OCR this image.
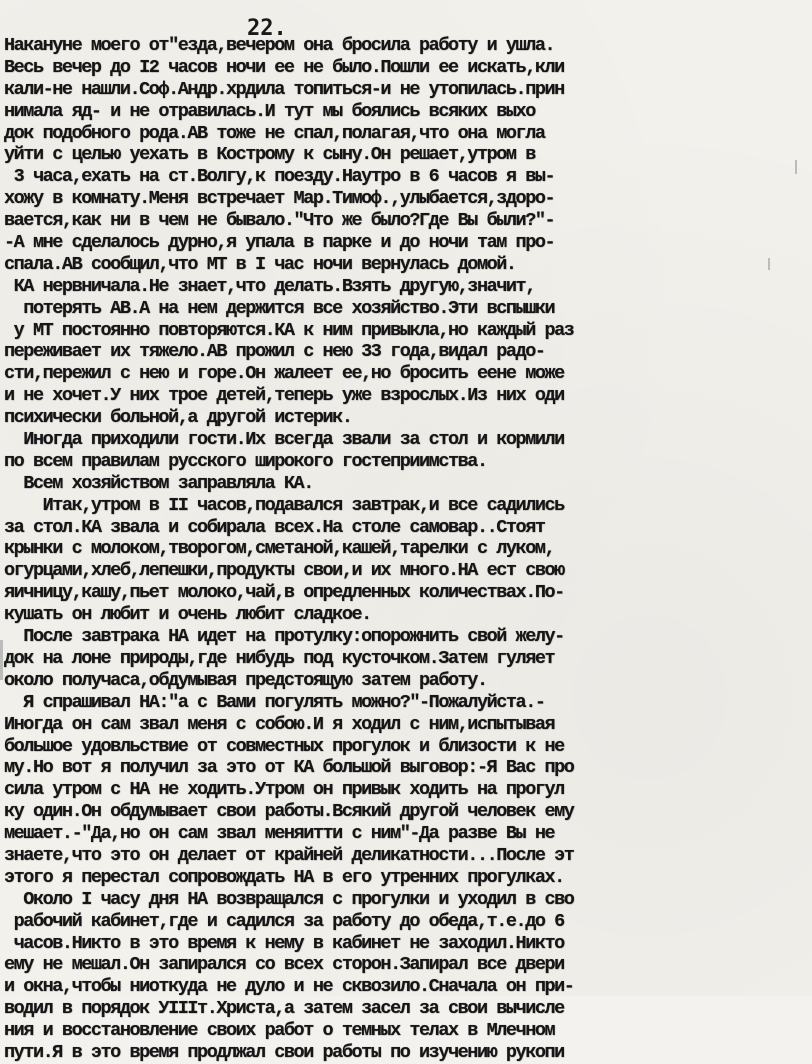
22.
Накануне моего от"езда,вечером она бросила работу и ушла.
Весь вечер до I2 часов ночи ее не было.Пошли ее искать,кли
кали-не нашли.Соф.Андр.хрдила топиться-и не утопилась.прин
нимала яд- и не отравилась.И тут мы боялись всяких выхо
док подобного рода.АВ тоже не спал,полагая,что она могла
уйти с целью уехать в Кострому к сыну.Он решает,утром в
3 часа,ехать на ст.Волгу,к поезду.Наутро в 6 часов я вы-
хожу в комнату.Меня встречает Мар.Тимоф.,улыбается,здоро-
вается,как ни в чем не бывало."Что же было?Где Вы были?"-
-А мне сделалось дурно,я упала в парке и до ночи там про-
спала.АВ сообщил,что МТ в I час ночи вернулась домой.
КА нервничала.Не знает,что делать.Взять другую,значит,
потерять АВ.А на нем держится все хозяйство.Эти вспышки
у МТ постоянно повторяются.КА к ним привыкла,но каждый раз
переживает их тяжело.АВ прожил с нею 33 года,видал радо-
сти,пережил с нею и горе.Он жалеет ее,но бросить еене може
и не хочет.У них трое детей,теперь уже взрослых.Из них оди
психически больной,а другой истерик.
Иногда приходили гости.Их всегда звали за стол и кормили
по всем правилам русского широкого гостеприимства.
Всем хозяйством заправляла КА.
Итак,утром в II часов,подавался завтрак,и все садились
за стол.КА звала и собирала всех.На столе самовар..Стоят
крынки с молоком,творогом,сметаной,кашей,тарелки с луком,
огурцами,хлеб,лепешки,продукты свои,и их много.НА ест свою
яичницу,кашу,пьет молоко,чай,в опредленных количествах.По-
кушать он любит и очень любит сладкое.
После завтрака НА идет на протулку:опорожнить свой желу-
док на лоне природы,где нибудь под кусточком.Затем гуляет
около получаса,обдумывая предстоящую затем работу.
Я спрашивал НА:"а с Вами погулять можно?"-Пожалуйста.-
Иногда он сам звал меня с собою.И я ходил с ним,испытывая
большое удовльствие от совместных прогулок и близости к не
му.Но вот я получил за это от КА большой выговор:-Я Вас про
сила утром с НА не ходить.Утром он привык ходить на прогул
ку один.Он обдумывает свои работы.Всякий другой человек ему
мешает.-"Да,но он сам звал меняитти с ним"-Да разве Вы не
знаете,что это он делает от крайней деликатности...После эт
этого я перестал сопровождать НА в его утренних прогулках.
Около I часу дня НА возвращался с прогулки и уходил в сво
рабочий кабинет,где и садился за работу до обеда,т.е.до 6
часов.Никто в это время к нему в кабинет не заходил.Никто
ему не мешал.Он запирался со всех сторон.Запирал все двери
и окна,чтобы ниоткуда не дуло и не сквозило.Сначала он при-
водил в порядок УIIIт.Христа,а затем засел за свои вычисле
ния и восстановление своих работ о темных телах в Млечном
пути.Я в это время продлжал свои работы по изучению рукопи
